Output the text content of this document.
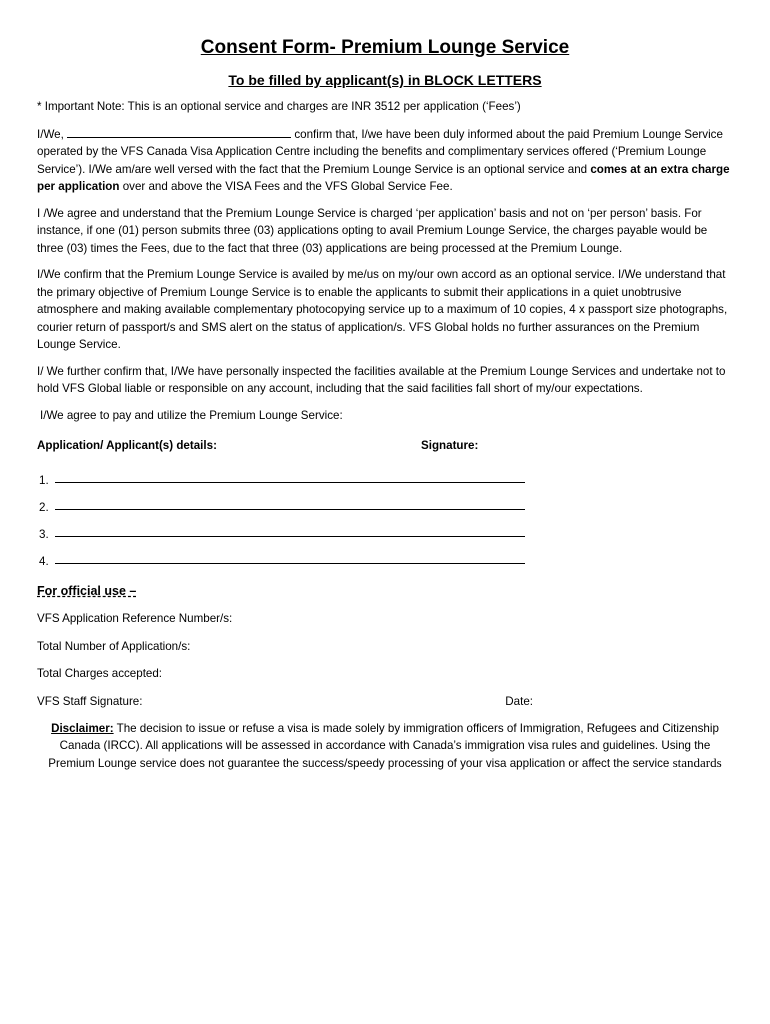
Consent Form- Premium Lounge Service
To be filled by applicant(s) in BLOCK LETTERS

* Important Note: This is an optional service and charges are INR 3512 per application (‘Fees’)

I/We,	confirm that, I/we have been duly informed about the paid Premium Lounge Service operated by the VFS Canada Visa Application Centre including the benefits and complimentary services offered (‘Premium Lounge Service’). I/We am/are well versed with the fact that the Premium Lounge Service is an optional service and comes at an extra charge per application over and above the VISA Fees and the VFS Global Service Fee.

I /We agree and understand that the Premium Lounge Service is charged ‘per application’ basis and not on ‘per person’ basis. For instance, if one (01) person submits three (03) applications opting to avail Premium Lounge Service, the charges payable would be three (03) times the Fees, due to the fact that three (03) applications are being processed at the Premium Lounge.

I/We confirm that the Premium Lounge Service is availed by me/us on my/our own accord as an optional service. I/We understand that the primary objective of Premium Lounge Service is to enable the applicants to submit their applications in a quiet unobtrusive atmosphere and making available complementary photocopying service up to a maximum of 10 copies, 4 x passport size photographs, courier return of passport/s and SMS alert on the status of application/s. VFS Global holds no further assurances on the Premium Lounge Service.

I/ We further confirm that, I/We have personally inspected the facilities available at the Premium Lounge Services and undertake not to hold VFS Global liable or responsible on any account, including that the said facilities fall short of my/our expectations.

I/We agree to pay and utilize the Premium Lounge Service:

Application/ Applicant(s) details:	Signature:
1.
2.
3.
4.
For official use –
VFS Application Reference Number/s:
Total Number of Application/s:
Total Charges accepted:
VFS Staff Signature:	Date:
Disclaimer: The decision to issue or refuse a visa is made solely by immigration officers of Immigration, Refugees and Citizenship Canada (IRCC). All applications will be assessed in accordance with Canada’s immigration visa rules and guidelines. Using the Premium Lounge service does not guarantee the success/speedy processing of your visa application or affect the service standards
